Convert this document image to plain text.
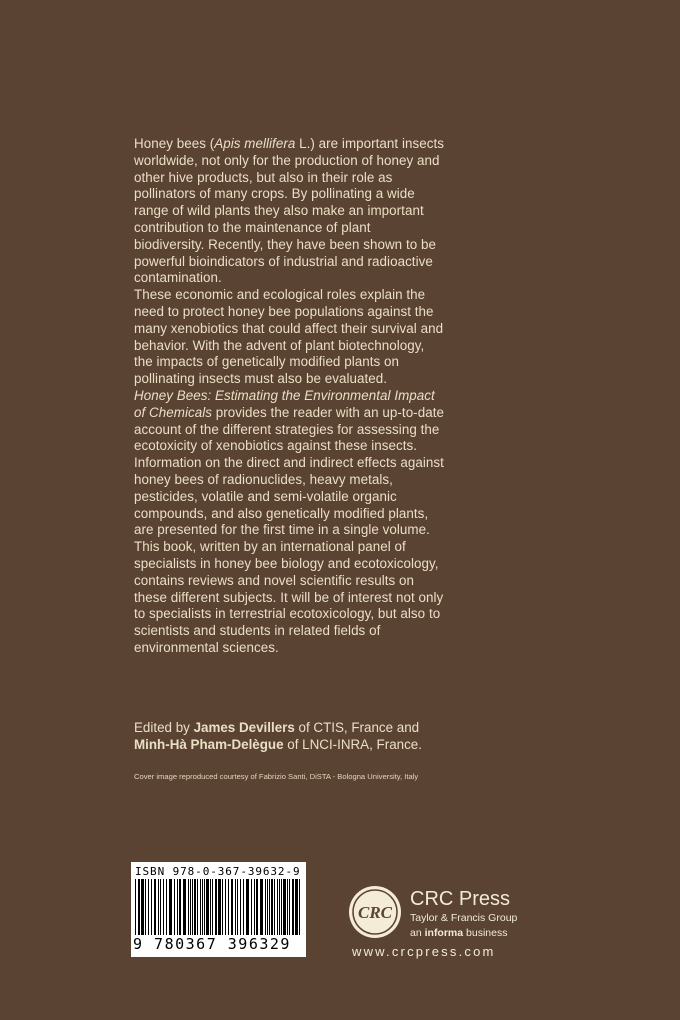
Honey bees (Apis mellifera L.) are important insects worldwide, not only for the production of honey and other hive products, but also in their role as pollinators of many crops. By pollinating a wide range of wild plants they also make an important contribution to the maintenance of plant biodiversity. Recently, they have been shown to be powerful bioindicators of industrial and radioactive contamination.

These economic and ecological roles explain the need to protect honey bee populations against the many xenobiotics that could affect their survival and behavior. With the advent of plant biotechnology, the impacts of genetically modified plants on pollinating insects must also be evaluated.

Honey Bees: Estimating the Environmental Impact of Chemicals provides the reader with an up-to-date account of the different strategies for assessing the ecotoxicity of xenobiotics against these insects. Information on the direct and indirect effects against honey bees of radionuclides, heavy metals, pesticides, volatile and semi-volatile organic compounds, and also genetically modified plants, are presented for the first time in a single volume.

This book, written by an international panel of specialists in honey bee biology and ecotoxicology, contains reviews and novel scientific results on these different subjects. It will be of interest not only to specialists in terrestrial ecotoxicology, but also to scientists and students in related fields of environmental sciences.

Edited by James Devillers of CTIS, France and
Minh-Hà Pham-Delègue of LNCI-INRA, France.
Cover image reproduced courtesy of Fabrizio Santi, DiSTA - Bologna University, Italy
ISBN 978-0-367-39632-9
9 780367 396329
CRC
CRC Press
Taylor & Francis Group
an informa business
www.crcpress.com
